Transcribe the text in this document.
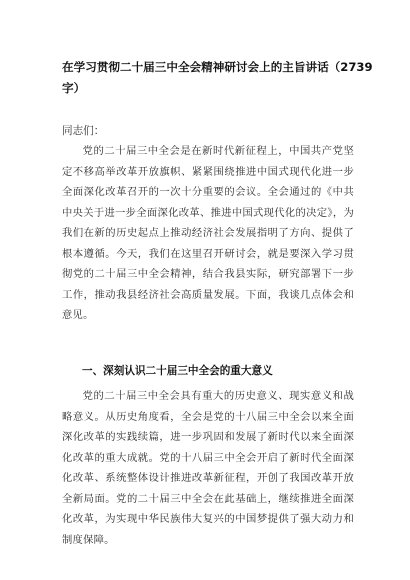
在学习贯彻二十届三中全会精神研讨会上的主旨讲话（2739字）

同志们：

党的二十届三中全会是在新时代新征程上，中国共产党坚定不移高举改革开放旗帜、紧紧围绕推进中国式现代化进一步全面深化改革召开的一次十分重要的会议。全会通过的《中共中央关于进一步全面深化改革、推进中国式现代化的决定》，为我们在新的历史起点上推动经济社会发展指明了方向、提供了根本遵循。今天，我们在这里召开研讨会，就是要深入学习贯彻党的二十届三中全会精神，结合我县实际，研究部署下一步工作，推动我县经济社会高质量发展。下面，我谈几点体会和意见。

一、深刻认识二十届三中全会的重大意义

党的二十届三中全会具有重大的历史意义、现实意义和战略意义。从历史角度看，全会是党的十八届三中全会以来全面深化改革的实践续篇，进一步巩固和发展了新时代以来全面深化改革的重大成就。党的十八届三中全会开启了新时代全面深化改革、系统整体设计推进改革新征程，开创了我国改革开放全新局面。党的二十届三中全会在此基础上，继续推进全面深化改革，为实现中华民族伟大复兴的中国梦提供了强大动力和制度保障。
